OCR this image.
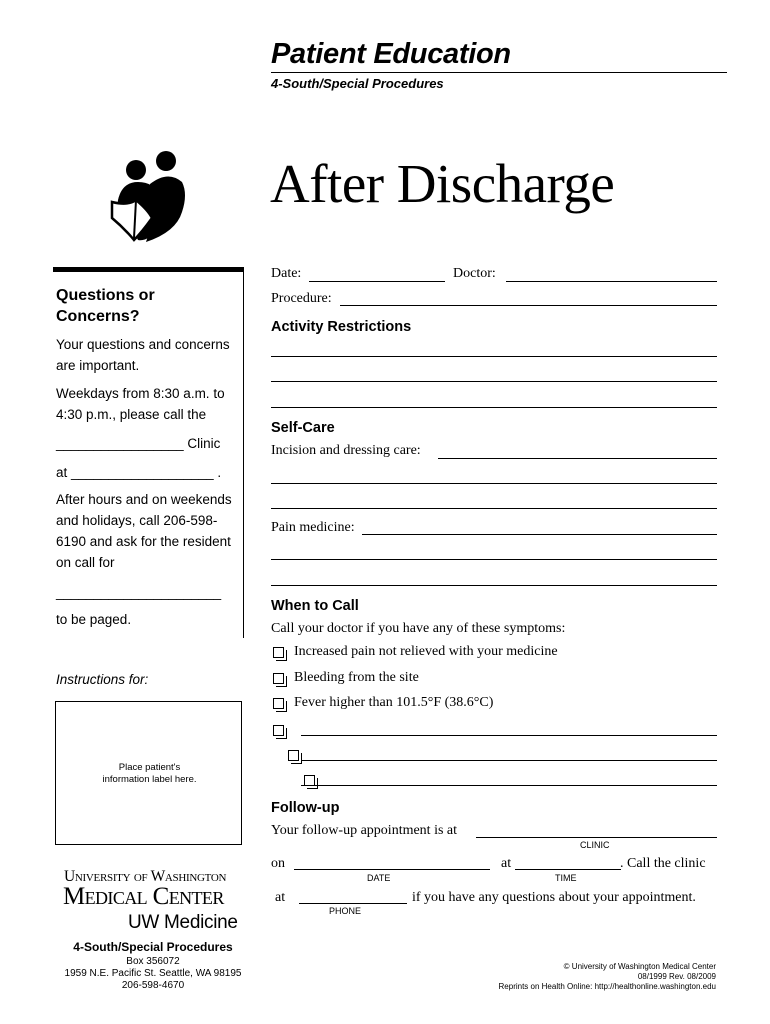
Patient Education
4-South/Special Procedures
After Discharge
Questions or Concerns?
Your questions and concerns are important.
Weekdays from 8:30 a.m. to
4:30 p.m., please call the
_________________ Clinic
at ___________________ .
After hours and on weekends and holidays, call 206-598-6190 and ask for the resident on call for
______________________
to be paged.
Instructions for:
Place patient's information label here.
University of Washington
Medical Center
UW Medicine
4-South/Special Procedures
Box 356072
1959 N.E. Pacific St. Seattle, WA 98195
206-598-4670
Date:	Doctor:
Procedure:
Activity Restrictions
Self-Care
Incision and dressing care:
Pain medicine:
When to Call
Call your doctor if you have any of these symptoms:
Increased pain not relieved with your medicine
Bleeding from the site
Fever higher than 101.5°F (38.6°C)

Follow-up
Your follow-up appointment is at
CLINIC
on
DATE
at
TIME
. Call the clinic
at
PHONE
if you have any questions about your appointment.
© University of Washington Medical Center
08/1999 Rev. 08/2009
Reprints on Health Online: http://healthonline.washington.edu
